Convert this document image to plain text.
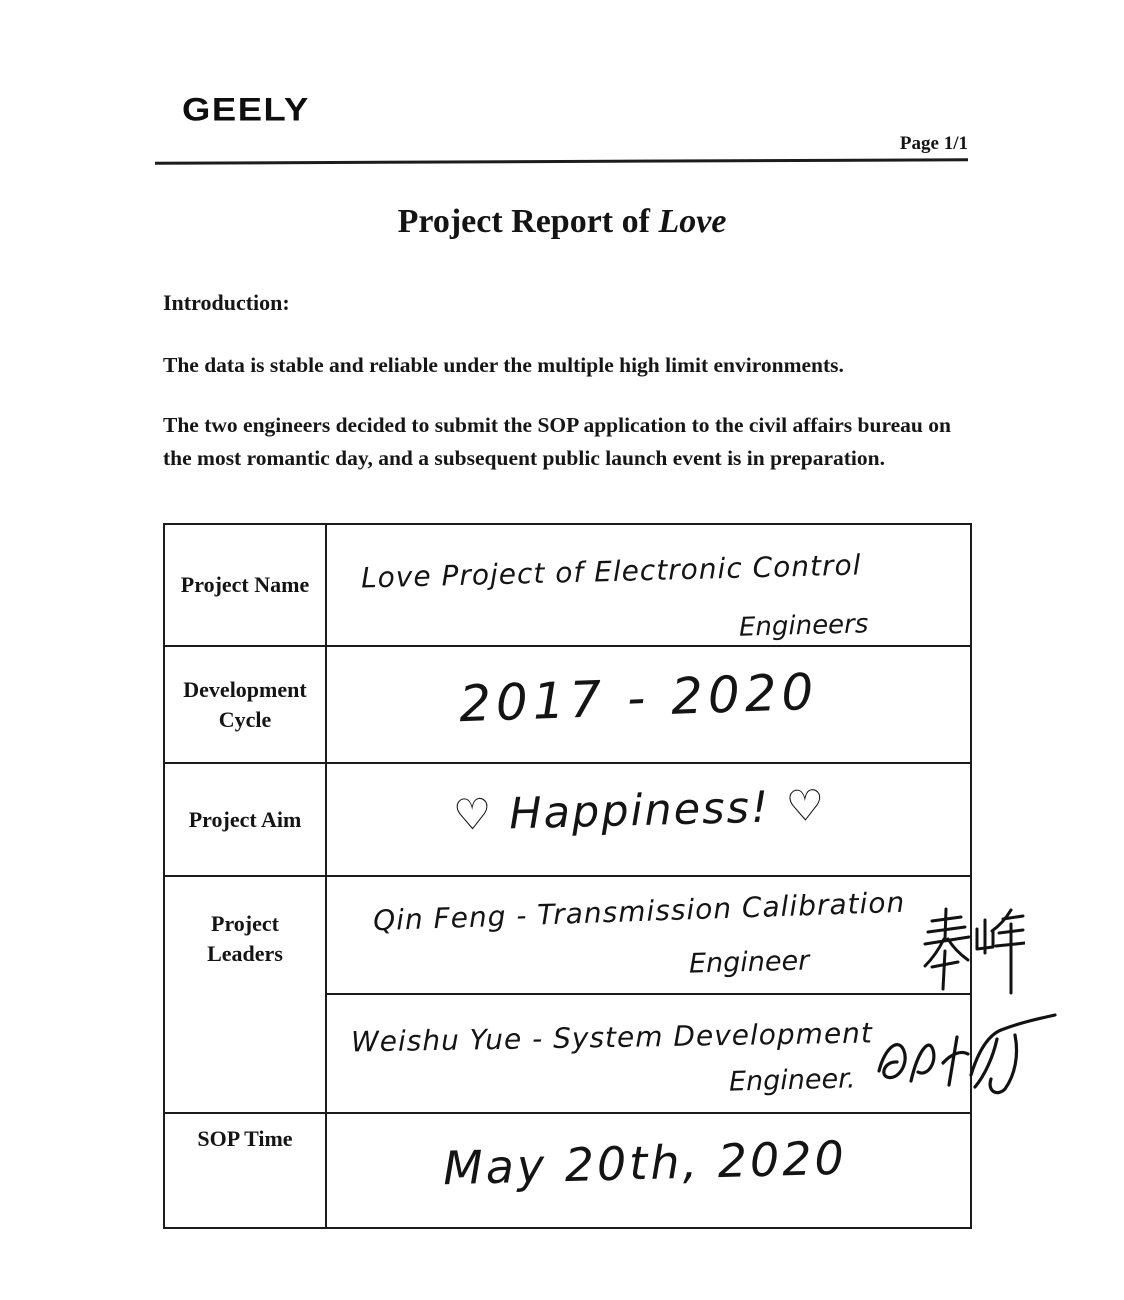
GEELY
Page 1/1
Project Report of Love
Introduction:
The data is stable and reliable under the multiple high limit environments.
The two engineers decided to submit the SOP application to the civil affairs bureau on the most romantic day, and a subsequent public launch event is in preparation.
Project Name	Love Project of Electronic Control
Engineers
Development Cycle	2017 - 2020
Project Aim	♡ Happiness! ♡
Project Leaders
Qin Feng - Transmission Calibration
Engineer
Weishu Yue - System Development
Engineer.
SOP Time	May 20th, 2020
